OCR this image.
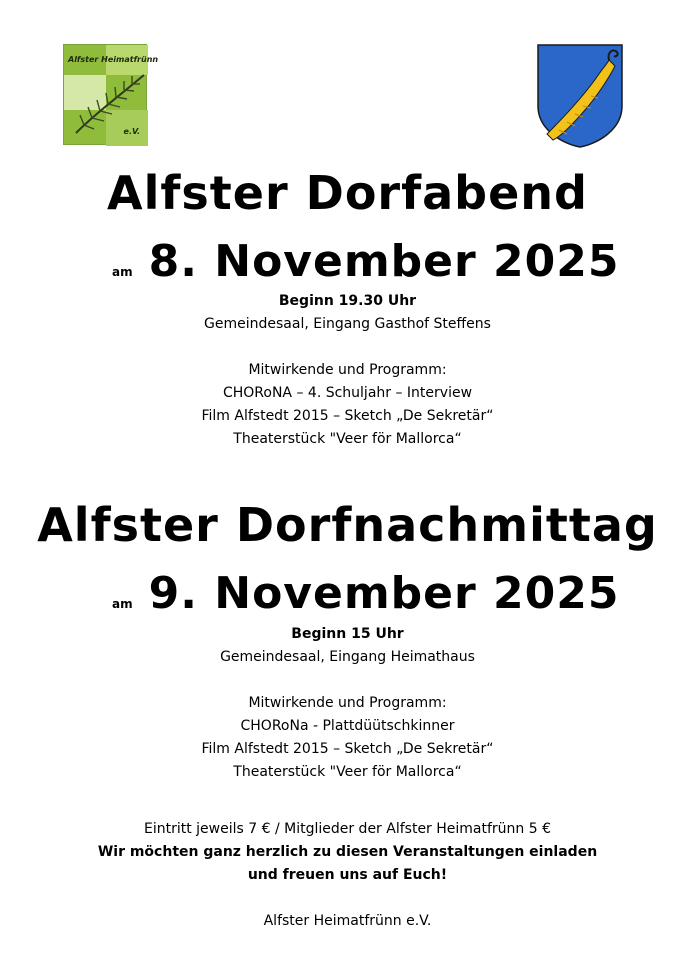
Alfster Heimatfrünn
e.V.
Alfster Dorfabend
am 8. November 2025
Beginn 19.30 Uhr
Gemeindesaal, Eingang Gasthof Steffens
Mitwirkende und Programm:
CHORoNA – 4. Schuljahr – Interview
Film Alfstedt 2015 – Sketch „De Sekretär“
Theaterstück "Veer för Mallorca“
Alfster Dorfnachmittag
am 9. November 2025
Beginn 15 Uhr
Gemeindesaal, Eingang Heimathaus
Mitwirkende und Programm:
CHORoNa - Plattdüütschkinner
Film Alfstedt 2015 – Sketch „De Sekretär“
Theaterstück "Veer för Mallorca“
Eintritt jeweils 7 € / Mitglieder der Alfster Heimatfrünn 5 €
Wir möchten ganz herzlich zu diesen Veranstaltungen einladen
und freuen uns auf Euch!
Alfster Heimatfrünn e.V.
